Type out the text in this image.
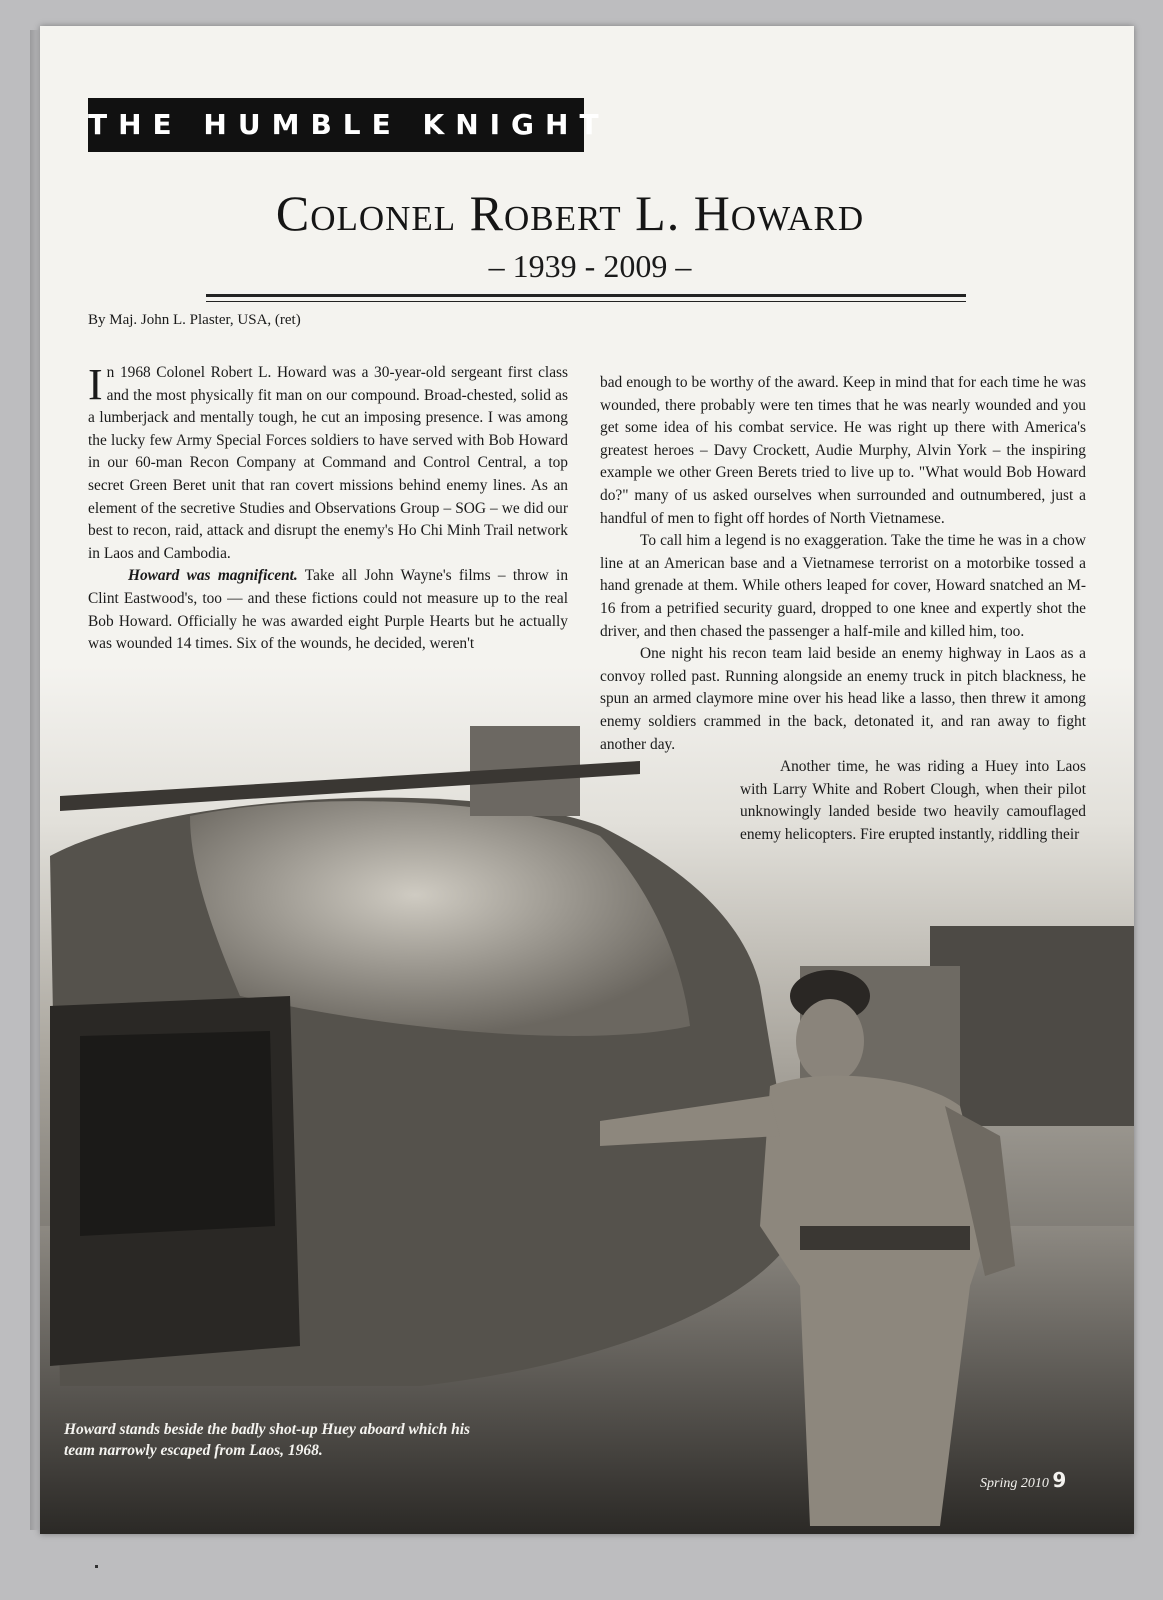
THE HUMBLE KNIGHT
Colonel Robert L. Howard
– 1939 - 2009 –
By Maj. John L. Plaster, USA, (ret)

In 1968 Colonel Robert L. Howard was a 30-year-old sergeant first class and the most physically fit man on our compound. Broad-chested, solid as a lumberjack and mentally tough, he cut an imposing presence. I was among the lucky few Army Special Forces soldiers to have served with Bob Howard in our 60-man Recon Company at Command and Control Central, a top secret Green Beret unit that ran covert missions behind enemy lines. As an element of the secretive Studies and Observations Group – SOG – we did our best to recon, raid, attack and disrupt the enemy's Ho Chi Minh Trail network in Laos and Cambodia.

Howard was magnificent. Take all John Wayne's films – throw in Clint Eastwood's, too — and these fictions could not measure up to the real Bob Howard. Officially he was awarded eight Purple Hearts but he actually was wounded 14 times. Six of the wounds, he decided, weren't

bad enough to be worthy of the award. Keep in mind that for each time he was wounded, there probably were ten times that he was nearly wounded and you get some idea of his combat service. He was right up there with America's greatest heroes – Davy Crockett, Audie Murphy, Alvin York – the inspiring example we other Green Berets tried to live up to. "What would Bob Howard do?" many of us asked ourselves when surrounded and outnumbered, just a handful of men to fight off hordes of North Vietnamese.

To call him a legend is no exaggeration. Take the time he was in a chow line at an American base and a Vietnamese terrorist on a motorbike tossed a hand grenade at them. While others leaped for cover, Howard snatched an M-16 from a petrified security guard, dropped to one knee and expertly shot the driver, and then chased the passenger a half-mile and killed him, too.

One night his recon team laid beside an enemy highway in Laos as a convoy rolled past. Running alongside an enemy truck in pitch blackness, he spun an armed claymore mine over his head like a lasso, then threw it among enemy soldiers crammed in the back, detonated it, and ran away to fight another day.

Another time, he was riding a Huey into Laos with Larry White and Robert Clough, when their pilot unknowingly landed beside two heavily camouflaged enemy helicopters. Fire erupted instantly, riddling their

Howard stands beside the badly shot-up Huey aboard which his team narrowly escaped from Laos, 1968.
Spring 2010 9
